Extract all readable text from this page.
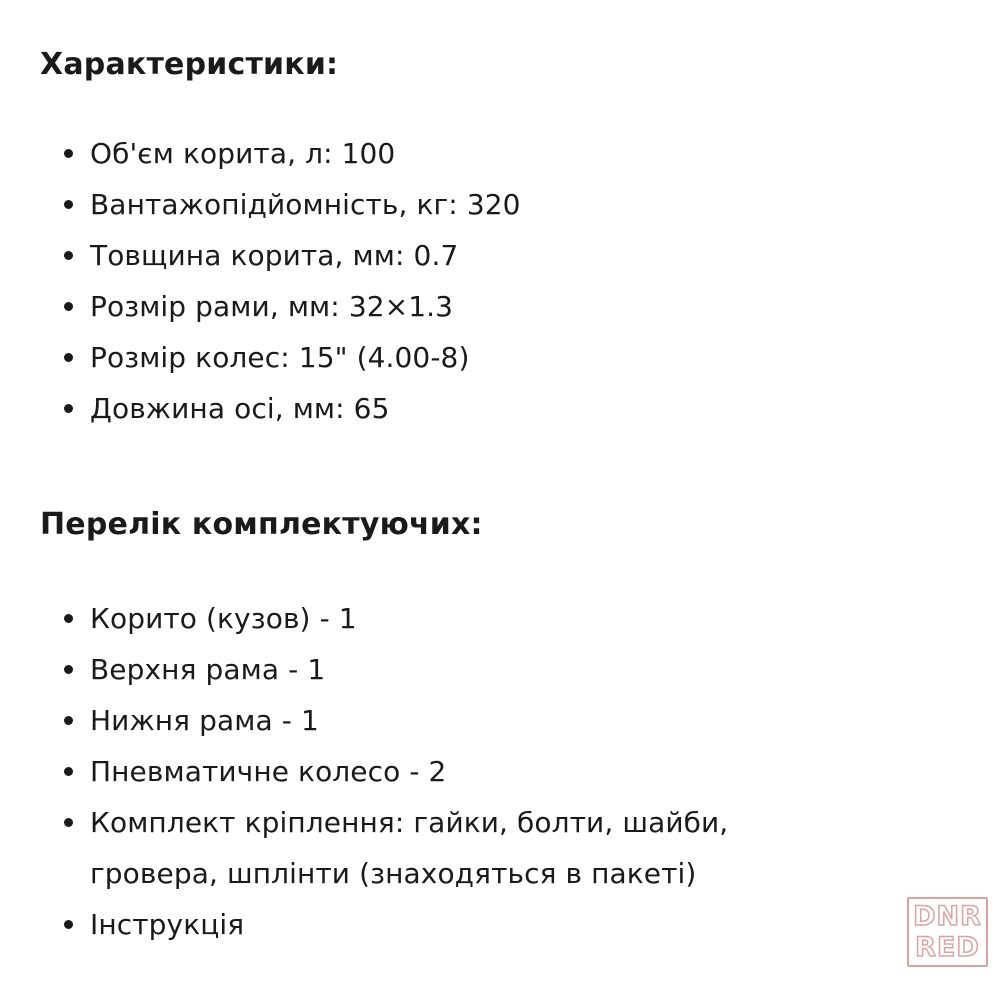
Характеристики:
Об'єм корита, л: 100
Вантажопідйомність, кг: 320
Товщина корита, мм: 0.7
Розмір рами, мм: 32×1.3
Розмір колес: 15" (4.00-8)
Довжина осі, мм: 65
Перелік комплектуючих:
Корито (кузов) - 1
Верхня рама - 1
Нижня рама - 1
Пневматичне колесо - 2
Комплект кріплення: гайки, болти, шайби,
гровера, шплінти (знаходяться в пакеті)
Інструкція	DNR
RED
